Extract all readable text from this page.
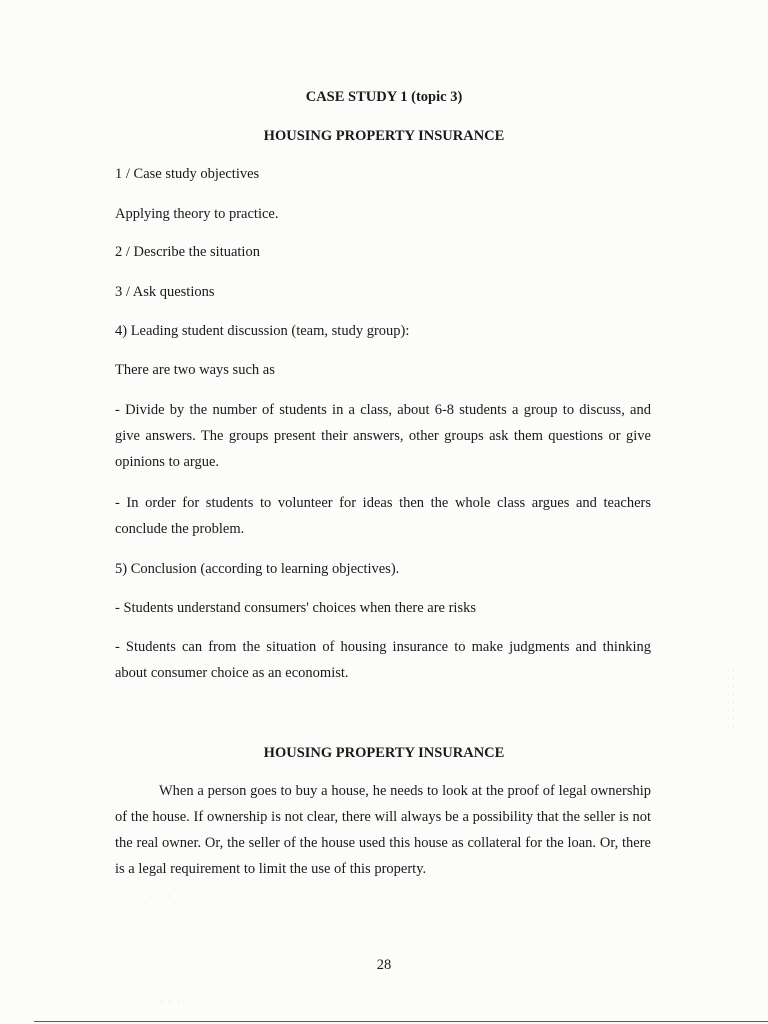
· · ·
CASE STUDY 1 (topic 3)
HOUSING PROPERTY INSURANCE
1 / Case study objectives
Applying theory to practice.
2 / Describe the situation
3 / Ask questions
4) Leading student discussion (team, study group):
There are two ways such as
- Divide by the number of students in a class, about 6-8 students a group to discuss, and give answers. The groups present their answers, other groups ask them questions or give opinions to argue.
- In order for students to volunteer for ideas then the whole class argues and teachers conclude the problem.
5) Conclusion (according to learning objectives).
- Students understand consumers' choices when there are risks
- Students can from the situation of housing insurance to make judgments and thinking about consumer choice as an economist.	·
·
·
·
·
·
·
·
HOUSING PROPERTY INSURANCE
When a person goes to buy a house, he needs to look at the proof of legal ownership of the house. If ownership is not clear, there will always be a possibility that the seller is not the real owner. Or, the seller of the house used this house as collateral for the loan. Or, there is a legal requirement to limit the use of this property.
· · · ·
28
· · ·
